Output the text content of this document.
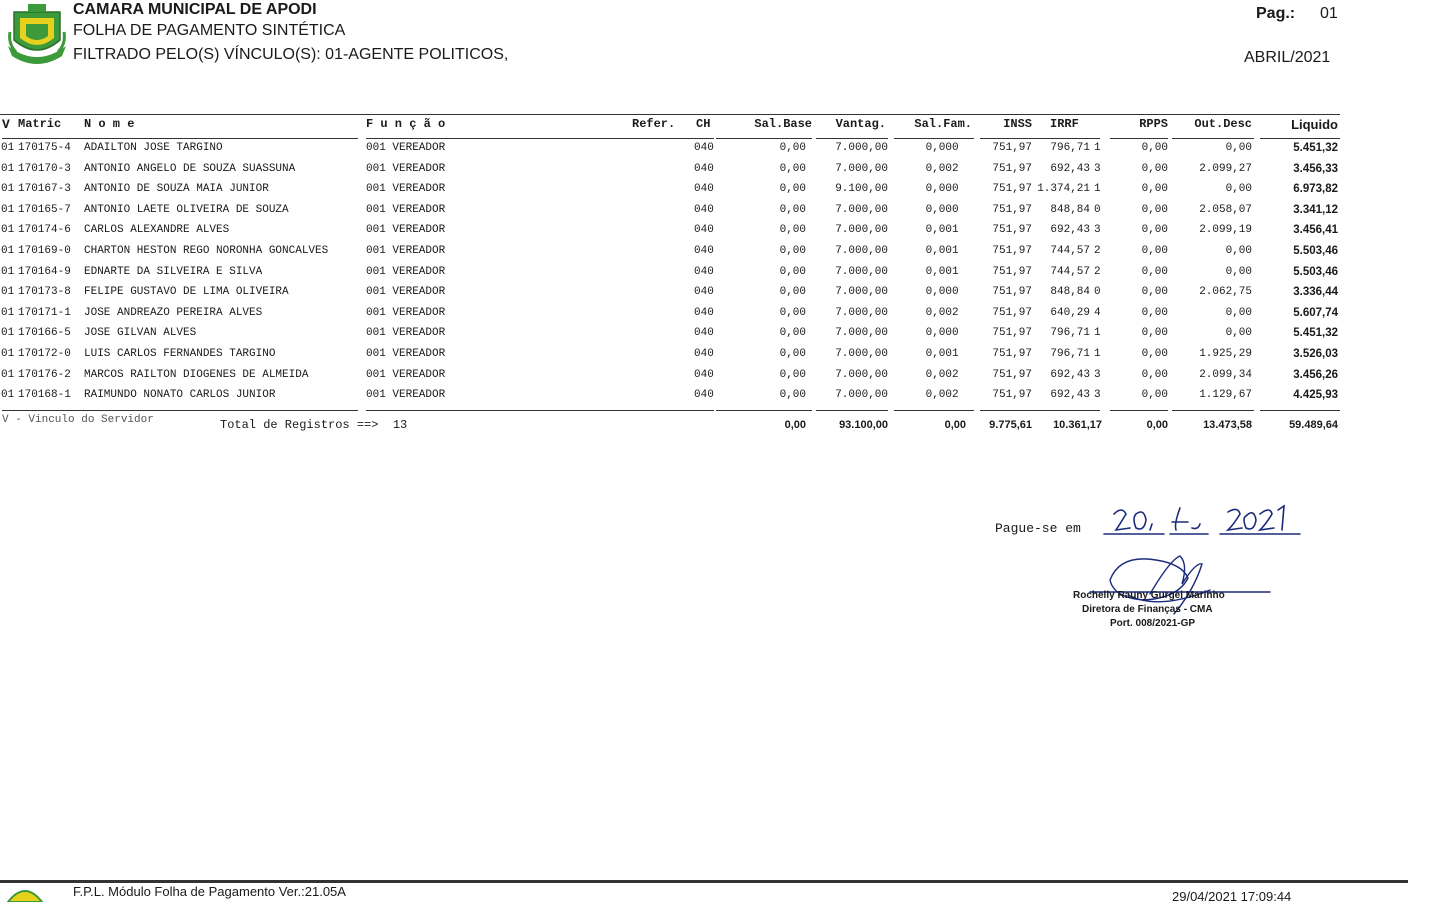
CAMARA MUNICIPAL DE APODI
FOLHA DE PAGAMENTO SINTÉTICA
FILTRADO PELO(S) VÍNCULO(S): 01-AGENTE POLITICOS,
Pag.: 01
ABRIL/2021
V Matric N o m e	F u n ç ã o	Refer. CH	Sal.Base	Vantag.	Sal.Fam.	INSS IRRF	RPPS	Out.Desc	Liquido
01 170175-4	ADAILTON JOSE TARGINO	001 VEREADOR	040	0,00	7.000,00	0,00 0	751,97	796,71 1	0,00	0,00	5.451,32
01 170170-3	ANTONIO ANGELO DE SOUZA SUASSUNA	001 VEREADOR	040	0,00	7.000,00	0,00 2	751,97	692,43 3	0,00	2.099,27	3.456,33
01 170167-3	ANTONIO DE SOUZA MAIA JUNIOR	001 VEREADOR	040	0,00	9.100,00	0,00 0	751,97 1.374,21 1	0,00	0,00	6.973,82
01 170165-7	ANTONIO LAETE OLIVEIRA DE SOUZA	001 VEREADOR	040	0,00	7.000,00	0,00 0	751,97	848,84 0	0,00	2.058,07	3.341,12
01 170174-6	CARLOS ALEXANDRE ALVES	001 VEREADOR	040	0,00	7.000,00	0,00 1	751,97	692,43 3	0,00	2.099,19	3.456,41
01 170169-0	CHARTON HESTON REGO NORONHA GONCALVES	001 VEREADOR	040	0,00	7.000,00	0,00 1	751,97	744,57 2	0,00	0,00	5.503,46
01 170164-9	EDNARTE DA SILVEIRA E SILVA	001 VEREADOR	040	0,00	7.000,00	0,00 1	751,97	744,57 2	0,00	0,00	5.503,46
01 170173-8	FELIPE GUSTAVO DE LIMA OLIVEIRA	001 VEREADOR	040	0,00	7.000,00	0,00 0	751,97	848,84 0	0,00	2.062,75	3.336,44
01 170171-1	JOSE ANDREAZO PEREIRA ALVES	001 VEREADOR	040	0,00	7.000,00	0,00 2	751,97	640,29 4	0,00	0,00	5.607,74
01 170166-5	JOSE GILVAN ALVES	001 VEREADOR	040	0,00	7.000,00	0,00 0	751,97	796,71 1	0,00	0,00	5.451,32
01 170172-0	LUIS CARLOS FERNANDES TARGINO	001 VEREADOR	040	0,00	7.000,00	0,00 1	751,97	796,71 1	0,00	1.925,29	3.526,03
01 170176-2	MARCOS RAILTON DIOGENES DE ALMEIDA	001 VEREADOR	040	0,00	7.000,00	0,00 2	751,97	692,43 3	0,00	2.099,34	3.456,26
01 170168-1	RAIMUNDO NONATO CARLOS JUNIOR	001 VEREADOR	040	0,00	7.000,00	0,00 2	751,97	692,43 3	0,00	1.129,67	4.425,93
V - Vinculo do Servidor	Total de Registros ==> 13	0,00	93.100,00	0,00	9.775,61	10.361,17	0,00	13.473,58	59.489,64
Pague-se em
Rochelly Rauny Gurgel Marinho
Diretora de Finanças - CMA
Port. 008/2021-GP
F.P.L. Módulo Folha de Pagamento Ver.:21.05A	29/04/2021 17:09:44
